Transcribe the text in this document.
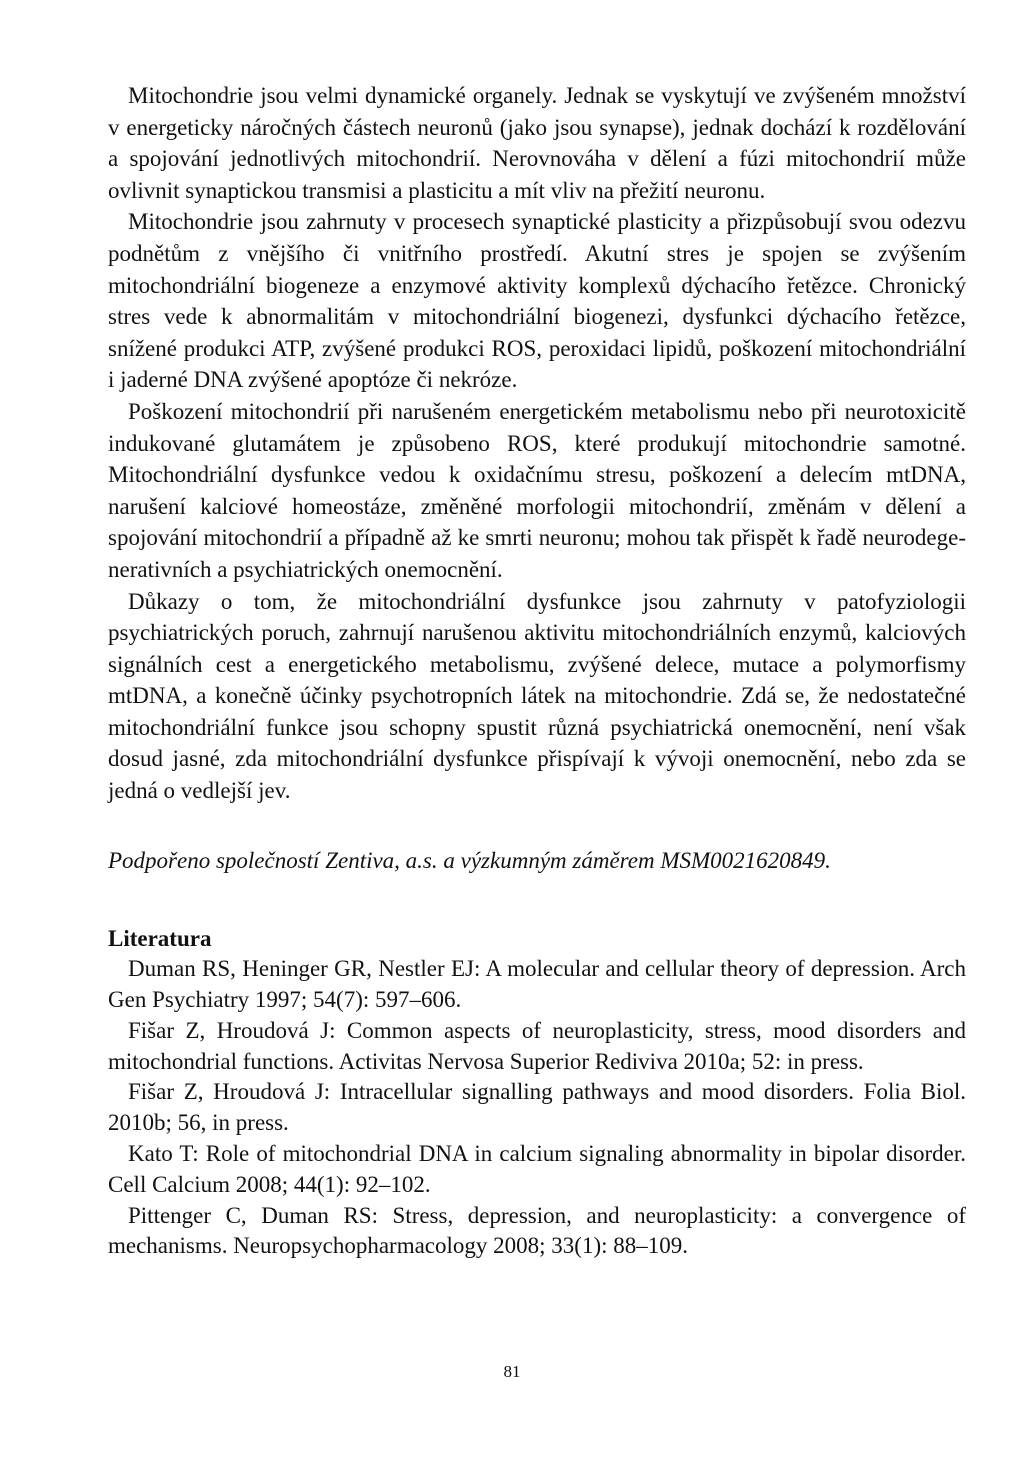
Mitochondrie jsou velmi dynamické organely. Jednak se vyskytují ve zvýšeném množství v energeticky náročných částech neuronů (jako jsou synapse), jednak dochází k rozdělování a spojování jednotlivých mitochondrií. Nerovnováha v dělení a fúzi mitochondrií může ovlivnit synaptickou transmisi a plasticitu a mít vliv na přežití neuronu.

Mitochondrie jsou zahrnuty v procesech synaptické plasticity a přizpůsobují svou odezvu podnětům z vnějšího či vnitřního prostředí. Akutní stres je spojen se zvýšením mitochondriální biogeneze a enzymové aktivity komplexů dýchacího řetězce. Chronický stres vede k abnormalitám v mitochondriální biogenezi, dysfunkci dýchacího řetězce, snížené produkci ATP, zvýšené produkci ROS, peroxidaci lipidů, poškození mitochondriální i jaderné DNA zvýšené apoptóze či nekróze.

Poškození mitochondrií při narušeném energetickém metabolismu nebo při neurotoxicitě indukované glutamátem je způsobeno ROS, které produkují mitochondrie samotné. Mitochondriální dysfunkce vedou k oxidačnímu stresu, poškození a delecím mtDNA, narušení kalciové homeostáze, změněné morfologii mitochondrií, změnám v dělení a spojování mitochondrií a případně až ke smrti neuronu; mohou tak přispět k řadě neurodegenerativních a psychiatrických onemocnění.

Důkazy o tom, že mitochondriální dysfunkce jsou zahrnuty v patofyziologii psychiatrických poruch, zahrnují narušenou aktivitu mitochondriálních enzymů, kalciových signálních cest a energetického metabolismu, zvýšené delece, mutace a polymorfismy mtDNA, a konečně účinky psychotropních látek na mitochondrie. Zdá se, že nedostatečné mitochondriální funkce jsou schopny spustit různá psychiatrická onemocnění, není však dosud jasné, zda mitochondriální dysfunkce přispívají k vývoji onemocnění, nebo zda se jedná o vedlejší jev.

Podpořeno společností Zentiva, a.s. a výzkumným záměrem MSM0021620849.

Literatura

Duman RS, Heninger GR, Nestler EJ: A molecular and cellular theory of depression. Arch Gen Psychiatry 1997; 54(7): 597–606.

Fišar Z, Hroudová J: Common aspects of neuroplasticity, stress, mood disorders and mitochondrial functions. Activitas Nervosa Superior Rediviva 2010a; 52: in press.

Fišar Z, Hroudová J: Intracellular signalling pathways and mood disorders. Folia Biol. 2010b; 56, in press.

Kato T: Role of mitochondrial DNA in calcium signaling abnormality in bipolar disorder. Cell Calcium 2008; 44(1): 92–102.

Pittenger C, Duman RS: Stress, depression, and neuroplasticity: a convergence of mechanisms. Neuropsychopharmacology 2008; 33(1): 88–109.

81
